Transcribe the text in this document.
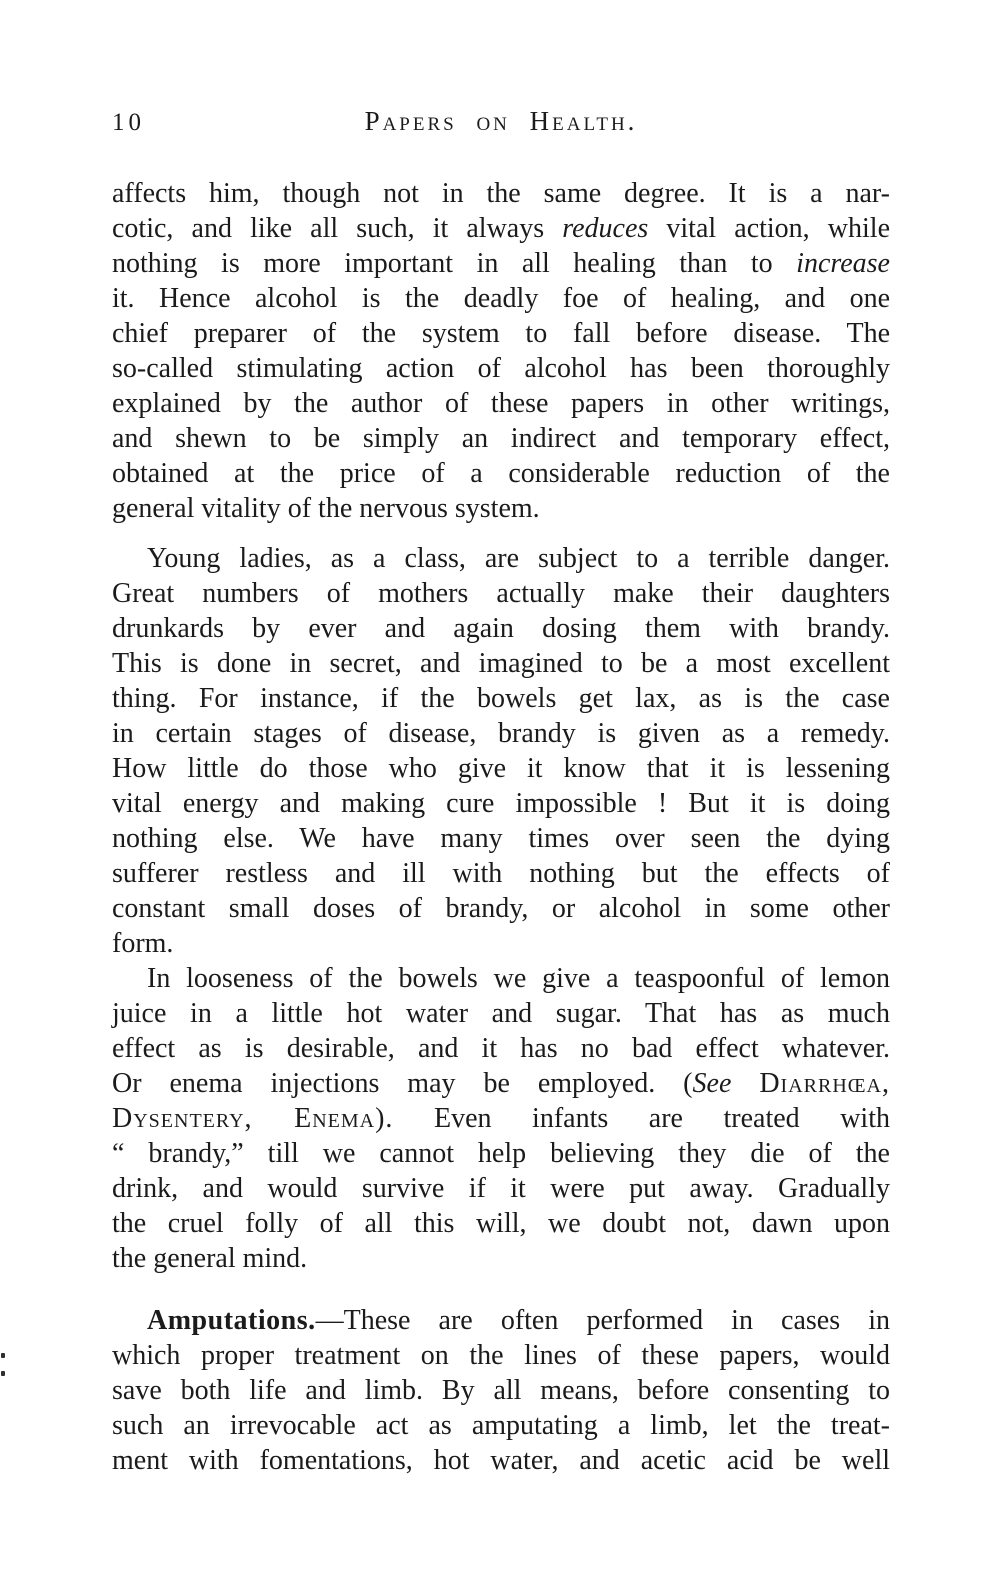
10	Papers on Health.
affects him, though not in the same degree. It is a nar-
cotic, and like all such, it always reduces vital action, while
nothing is more important in all healing than to increase
it. Hence alcohol is the deadly foe of healing, and one
chief preparer of the system to fall before disease. The
so-called stimulating action of alcohol has been thoroughly
explained by the author of these papers in other writings,
and shewn to be simply an indirect and temporary effect,
obtained at the price of a considerable reduction of the
general vitality of the nervous system.
Young ladies, as a class, are subject to a terrible danger.
Great numbers of mothers actually make their daughters
drunkards by ever and again dosing them with brandy.
This is done in secret, and imagined to be a most excellent
thing. For instance, if the bowels get lax, as is the case
in certain stages of disease, brandy is given as a remedy.
How little do those who give it know that it is lessening
vital energy and making cure impossible ! But it is doing
nothing else. We have many times over seen the dying
sufferer restless and ill with nothing but the effects of
constant small doses of brandy, or alcohol in some other
form.
In looseness of the bowels we give a teaspoonful of lemon
juice in a little hot water and sugar. That has as much
effect as is desirable, and it has no bad effect whatever.
Or enema injections may be employed. (See Diarrhœa,
Dysentery, Enema). Even infants are treated with
“ brandy,” till we cannot help believing they die of the
drink, and would survive if it were put away. Gradually
the cruel folly of all this will, we doubt not, dawn upon
the general mind.
Amputations.—These are often performed in cases in
which proper treatment on the lines of these papers, would
save both life and limb. By all means, before consenting to
such an irrevocable act as amputating a limb, let the treat-
ment with fomentations, hot water, and acetic acid be well
